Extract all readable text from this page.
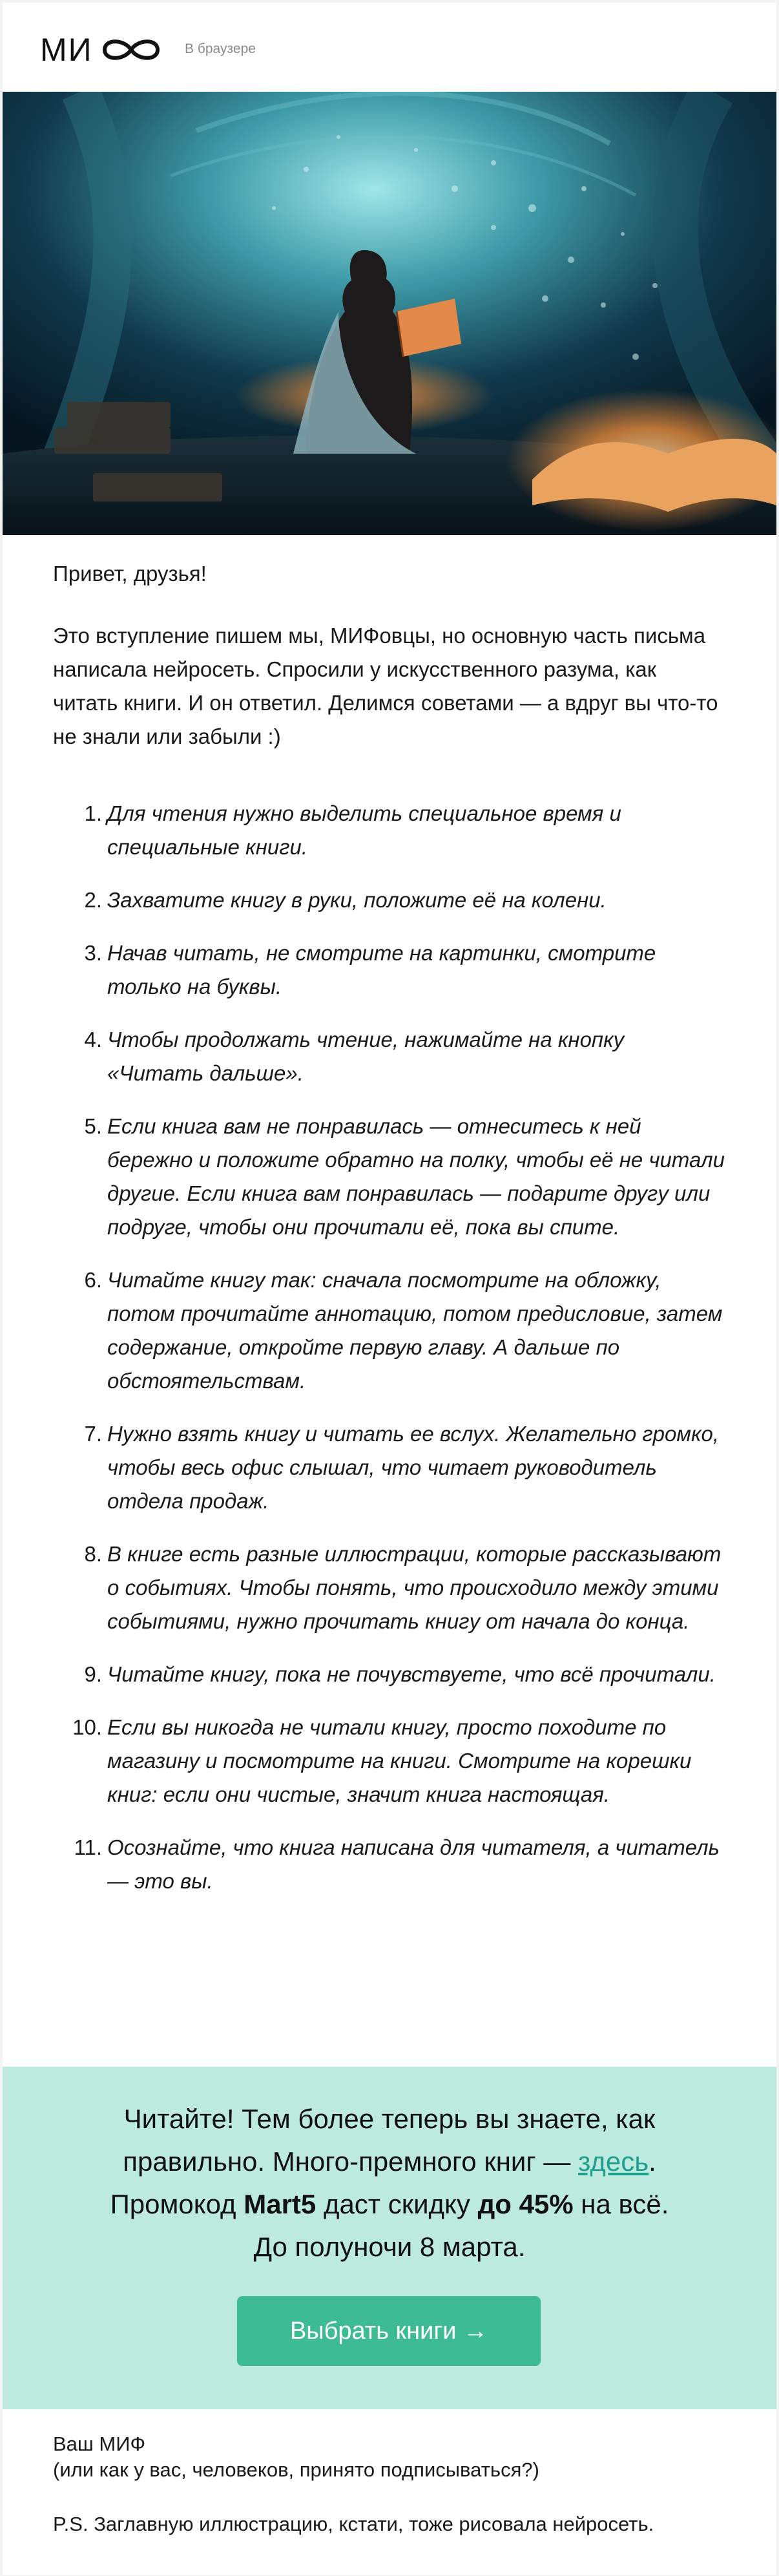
МИ	В браузере

Привет, друзья!

Это вступление пишем мы, МИФовцы, но основную часть письма написала нейросеть. Спросили у искусственного разума, как читать книги. И он ответил. Делимся советами — а вдруг вы что-то не знали или забыли :)

1. Для чтения нужно выделить специальное время и специальные книги.
2. Захватите книгу в руки, положите её на колени.
3. Начав читать, не смотрите на картинки, смотрите только на буквы.
4. Чтобы продолжать чтение, нажимайте на кнопку «Читать дальше».
5. Если книга вам не понравилась — отнеситесь к ней бережно и положите обратно на полку, чтобы её не читали другие. Если книга вам понравилась — подарите другу или подруге, чтобы они прочитали её, пока вы спите.
6. Читайте книгу так: сначала посмотрите на обложку, потом прочитайте аннотацию, потом предисловие, затем содержание, откройте первую главу. А дальше по обстоятельствам.
7. Нужно взять книгу и читать ее вслух. Желательно громко, чтобы весь офис слышал, что читает руководитель отдела продаж.
8. В книге есть разные иллюстрации, которые рассказывают о событиях. Чтобы понять, что происходило между этими событиями, нужно прочитать книгу от начала до конца.
9. Читайте книгу, пока не почувствуете, что всё прочитали.
10. Если вы никогда не читали книгу, просто походите по магазину и посмотрите на книги. Смотрите на корешки книг: если они чистые, значит книга настоящая.
11. Осознайте, что книга написана для читателя, а читатель — это вы.
Читайте! Тем более теперь вы знаете, как правильно. Много-премного книг — здесь. Промокод Mart5 даст скидку до 45% на всё.
До полуночи 8 марта.
Выбрать книги →

Ваш МИФ
(или как у вас, человеков, принято подписываться?)

P.S. Заглавную иллюстрацию, кстати, тоже рисовала нейросеть.
